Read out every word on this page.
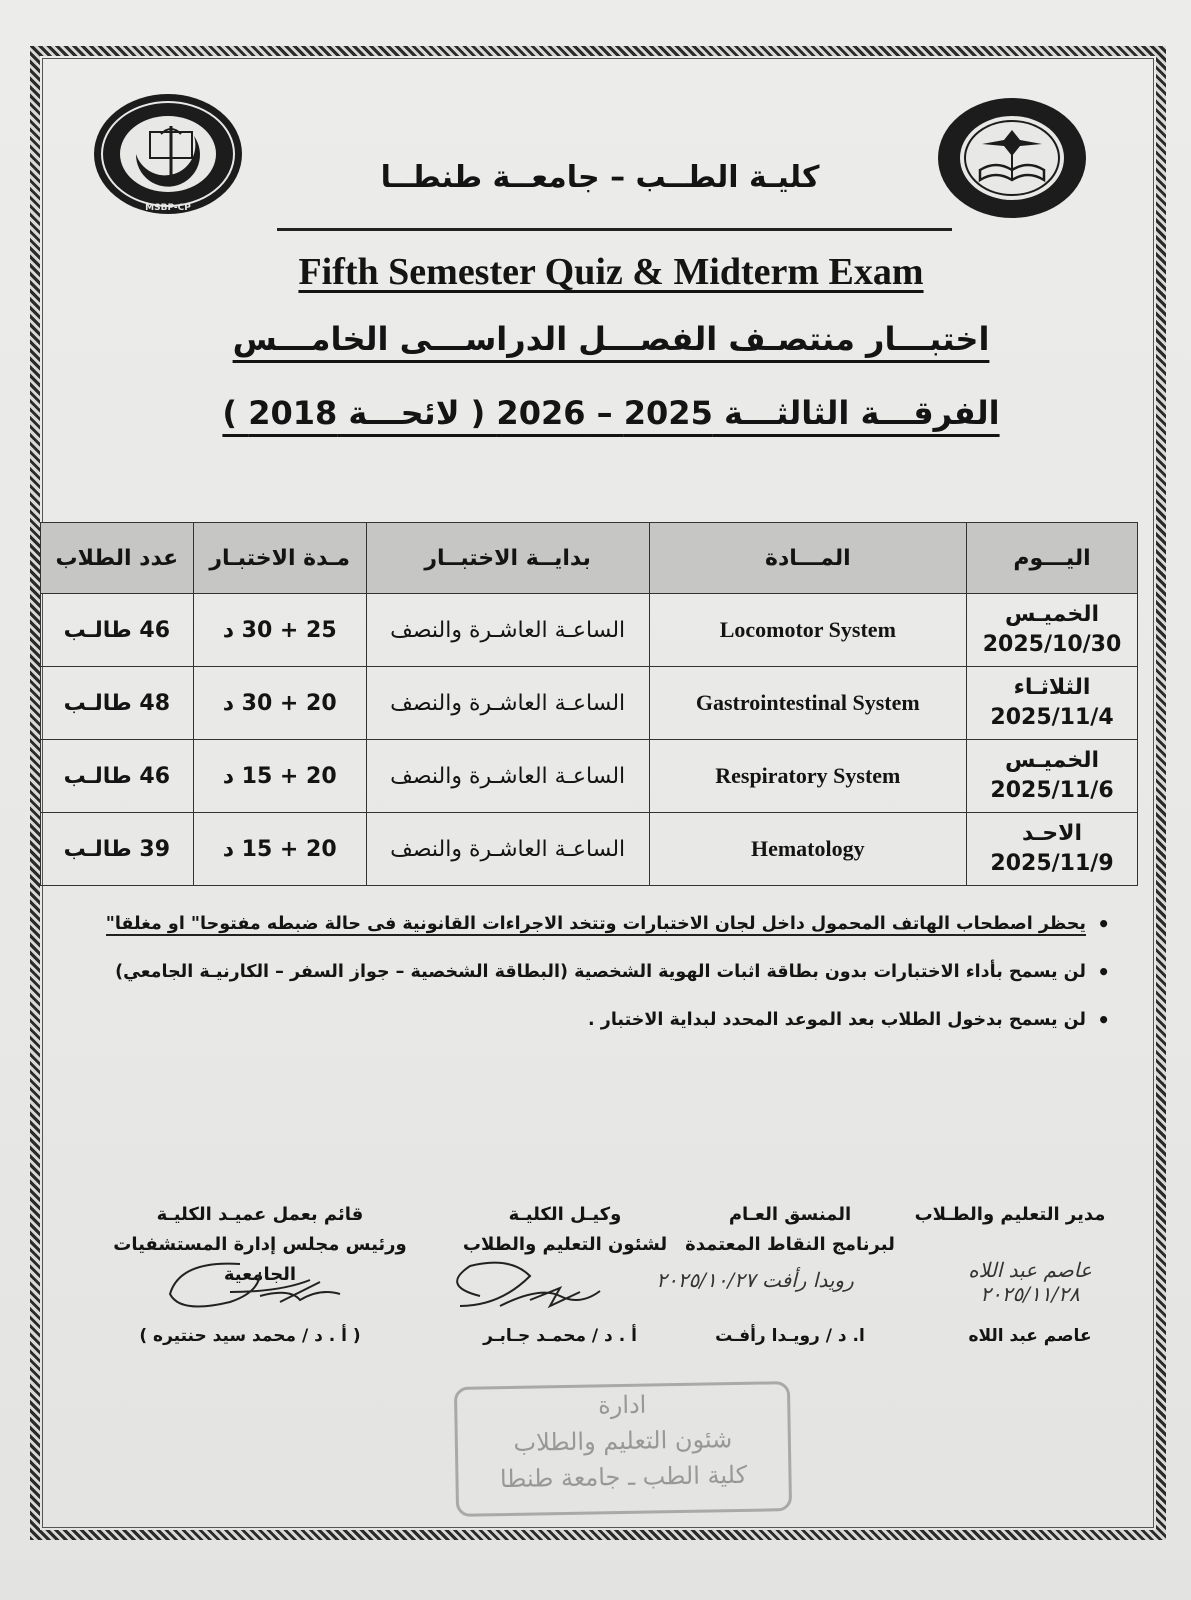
MSBP-CP
كليـة الطــب – جامعــة طنطــا
Fifth Semester Quiz & Midterm Exam
اختبـــار منتصـف الفصـــل الدراســـى الخامـــس
الفرقـــة الثالثـــة 2025 – 2026 ( لائحـــة 2018 )
اليـــوم	المـــادة	بدايــة الاختبــار	مـدة الاختبـار	عدد الطلاب

الخميـس
2025/10/30	Locomotor System	الساعـة العاشـرة والنصف	25 + 30 د	46 طالـب

الثلاثـاء
2025/11/4	Gastrointestinal System	الساعـة العاشـرة والنصف	20 + 30 د	48 طالـب

الخميـس
2025/11/6	Respiratory System	الساعـة العاشـرة والنصف	20 + 15 د	46 طالـب

الاحـد
2025/11/9	Hematology	الساعـة العاشـرة والنصف	20 + 15 د	39 طالـب
• يحظر اصطحاب الهاتف المحمول داخل لجان الاختبارات وتتخد الاجراءات القانونية فى حالة ضبطه مفتوحا" او مغلقا"
• لن يسمح بأداء الاختبارات بدون بطاقة اثبات الهوية الشخصية (البطاقة الشخصية – جواز السفر – الكارنيـة الجامعي)
• لن يسمح بدخول الطلاب بعد الموعد المحدد لبداية الاختبار .
مدير التعليم والطـلاب
عاصم عبد اللاه ٢٠٢٥/١١/٢٨
عاصم عبد اللاه
المنسق العـام
لبرنامج النقاط المعتمدة
رويدا رأفت ٢٠٢٥/١٠/٢٧
ا. د / رويـدا رأفـت
وكيـل الكليـة
لشئون التعليم والطلاب
أ . د / محمـد جـابـر
قائم بعمل عميـد الكليـة
ورئيس مجلس إدارة المستشفيات الجامعية
( أ . د / محمد سيد حنتيره )
ادارة
شئون التعليم والطلاب
كلية الطب ـ جامعة طنطا
